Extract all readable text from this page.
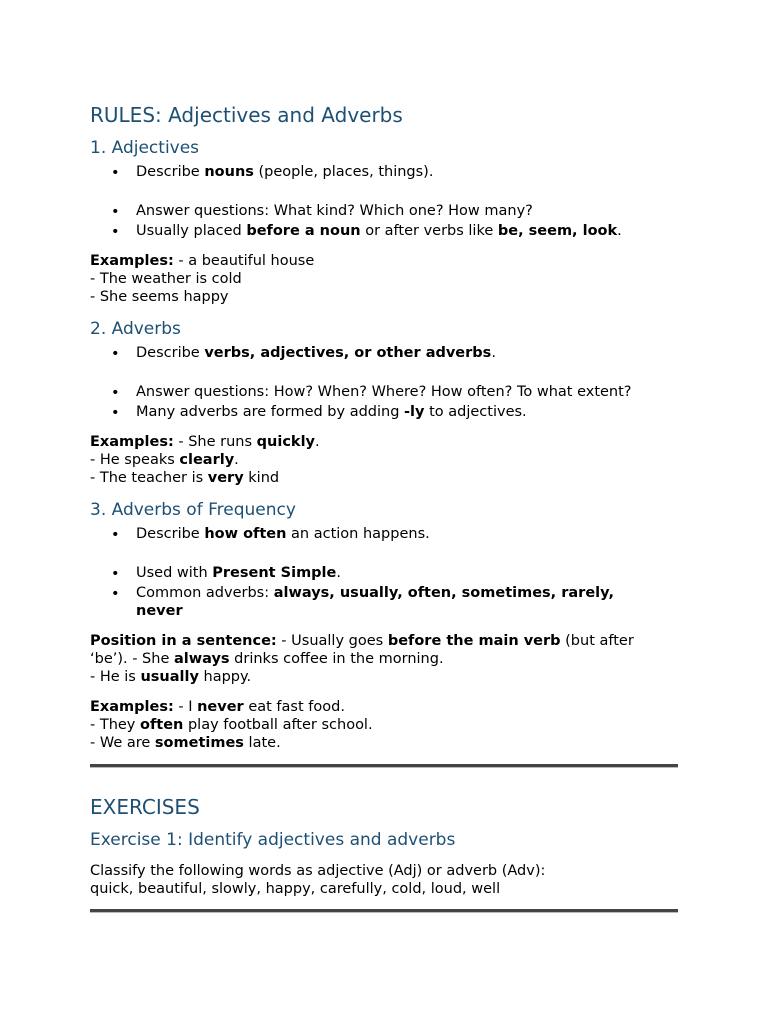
RULES: Adjectives and Adverbs
1. Adjectives
• Describe nouns (people, places, things).
• Answer questions: What kind? Which one? How many?
• Usually placed before a noun or after verbs like be, seem, look.
Examples: - a beautiful house
- The weather is cold
- She seems happy
2. Adverbs
• Describe verbs, adjectives, or other adverbs.
• Answer questions: How? When? Where? How often? To what extent?
• Many adverbs are formed by adding -ly to adjectives.
Examples: - She runs quickly.
- He speaks clearly.
- The teacher is very kind
3. Adverbs of Frequency
• Describe how often an action happens.
• Used with Present Simple.
• Common adverbs: always, usually, often, sometimes, rarely,
never
Position in a sentence: - Usually goes before the main verb (but after
‘be’). - She always drinks coffee in the morning.
- He is usually happy.
Examples: - I never eat fast food.
- They often play football after school.
- We are sometimes late.
EXERCISES
Exercise 1: Identify adjectives and adverbs
Classify the following words as adjective (Adj) or adverb (Adv):
quick, beautiful, slowly, happy, carefully, cold, loud, well
